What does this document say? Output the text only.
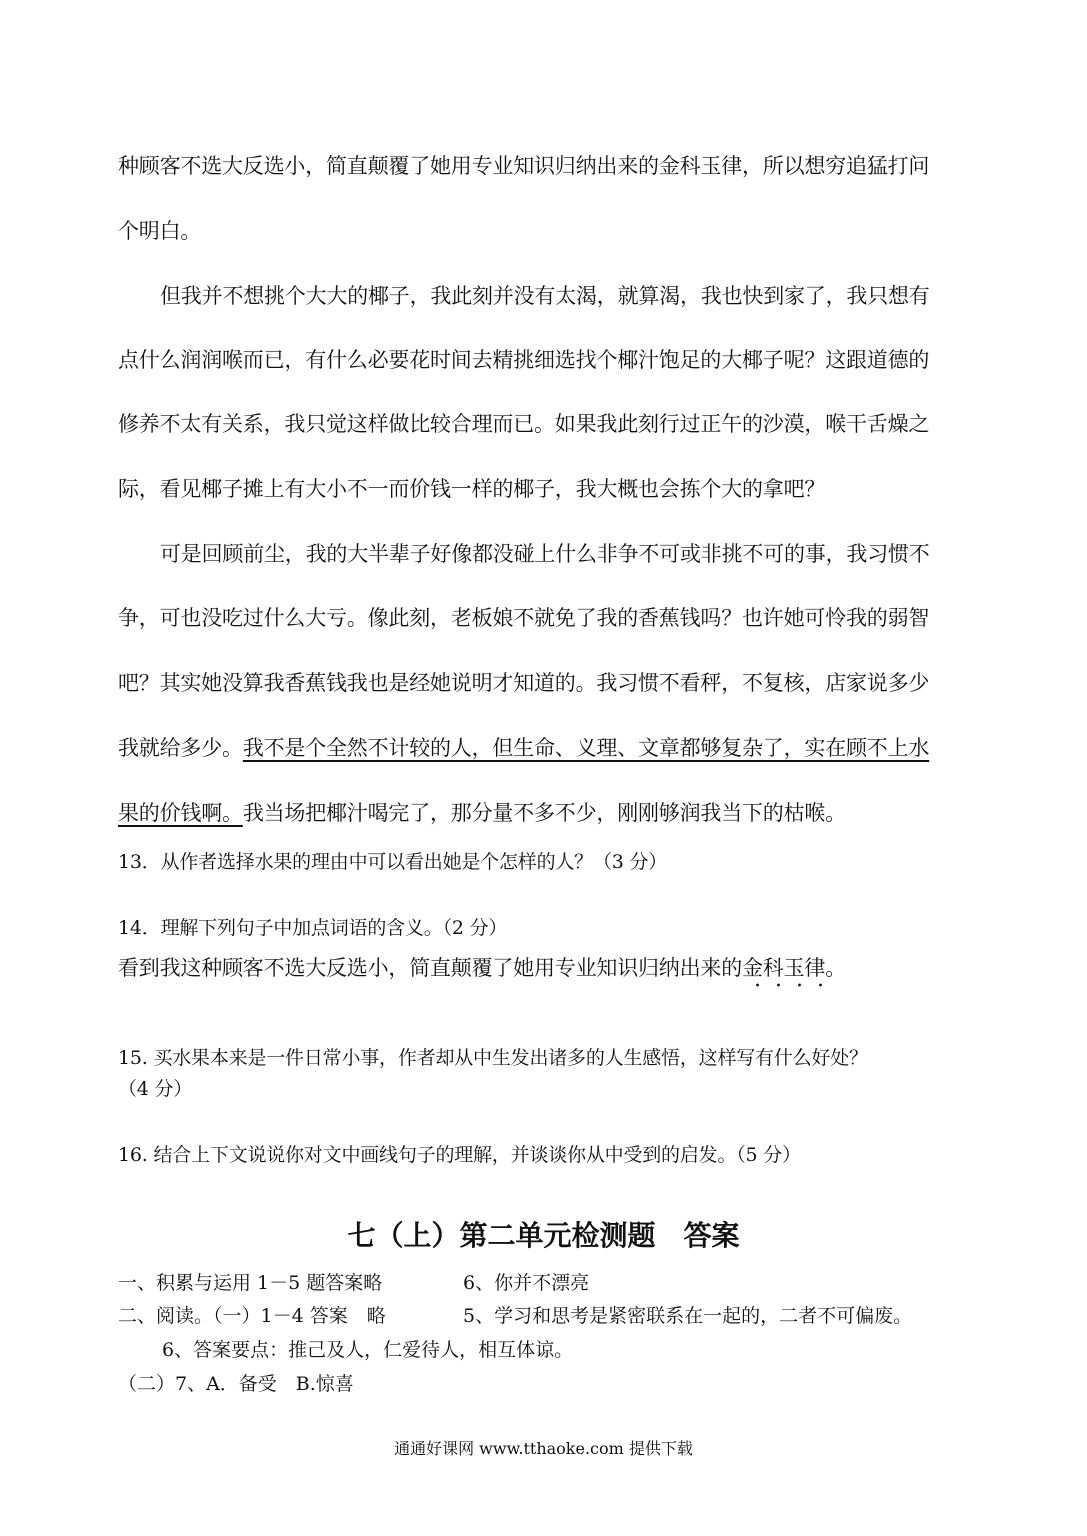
种顾客不选大反选小，简直颠覆了她用专业知识归纳出来的金科玉律，所以想穷追猛打问
个明白。
但我并不想挑个大大的椰子，我此刻并没有太渴，就算渴，我也快到家了，我只想有
点什么润润喉而已，有什么必要花时间去精挑细选找个椰汁饱足的大椰子呢？这跟道德的
修养不太有关系，我只觉这样做比较合理而已。如果我此刻行过正午的沙漠，喉干舌燥之
际，看见椰子摊上有大小不一而价钱一样的椰子，我大概也会拣个大的拿吧？
可是回顾前尘，我的大半辈子好像都没碰上什么非争不可或非挑不可的事，我习惯不
争，可也没吃过什么大亏。像此刻，老板娘不就免了我的香蕉钱吗？也许她可怜我的弱智
吧？其实她没算我香蕉钱我也是经她说明才知道的。我习惯不看秤，不复核，店家说多少
我就给多少。我不是个全然不计较的人，但生命、义理、文章都够复杂了，实在顾不上水
果的价钱啊。我当场把椰汁喝完了，那分量不多不少，刚刚够润我当下的枯喉。
13．从作者选择水果的理由中可以看出她是个怎样的人？（3 分）
14．理解下列句子中加点词语的含义。（2 分）
看到我这种顾客不选大反选小，简直颠覆了她用专业知识归纳出来的金科玉律。
15. 买水果本来是一件日常小事，作者却从中生发出诸多的人生感悟，这样写有什么好处？
（4 分）
16. 结合上下文说说你对文中画线句子的理解，并谈谈你从中受到的启发。（5 分）
七（上）第二单元检测题　答案
一、积累与运用 1－5 题答案略	6、你并不漂亮
二、阅读。（一）1－4 答案　略	5、学习和思考是紧密联系在一起的，二者不可偏废。
6、答案要点：推己及人，仁爱待人，相互体谅。
（二）7、A．备受　B.惊喜
通通好课网 www.tthaoke.com 提供下载
